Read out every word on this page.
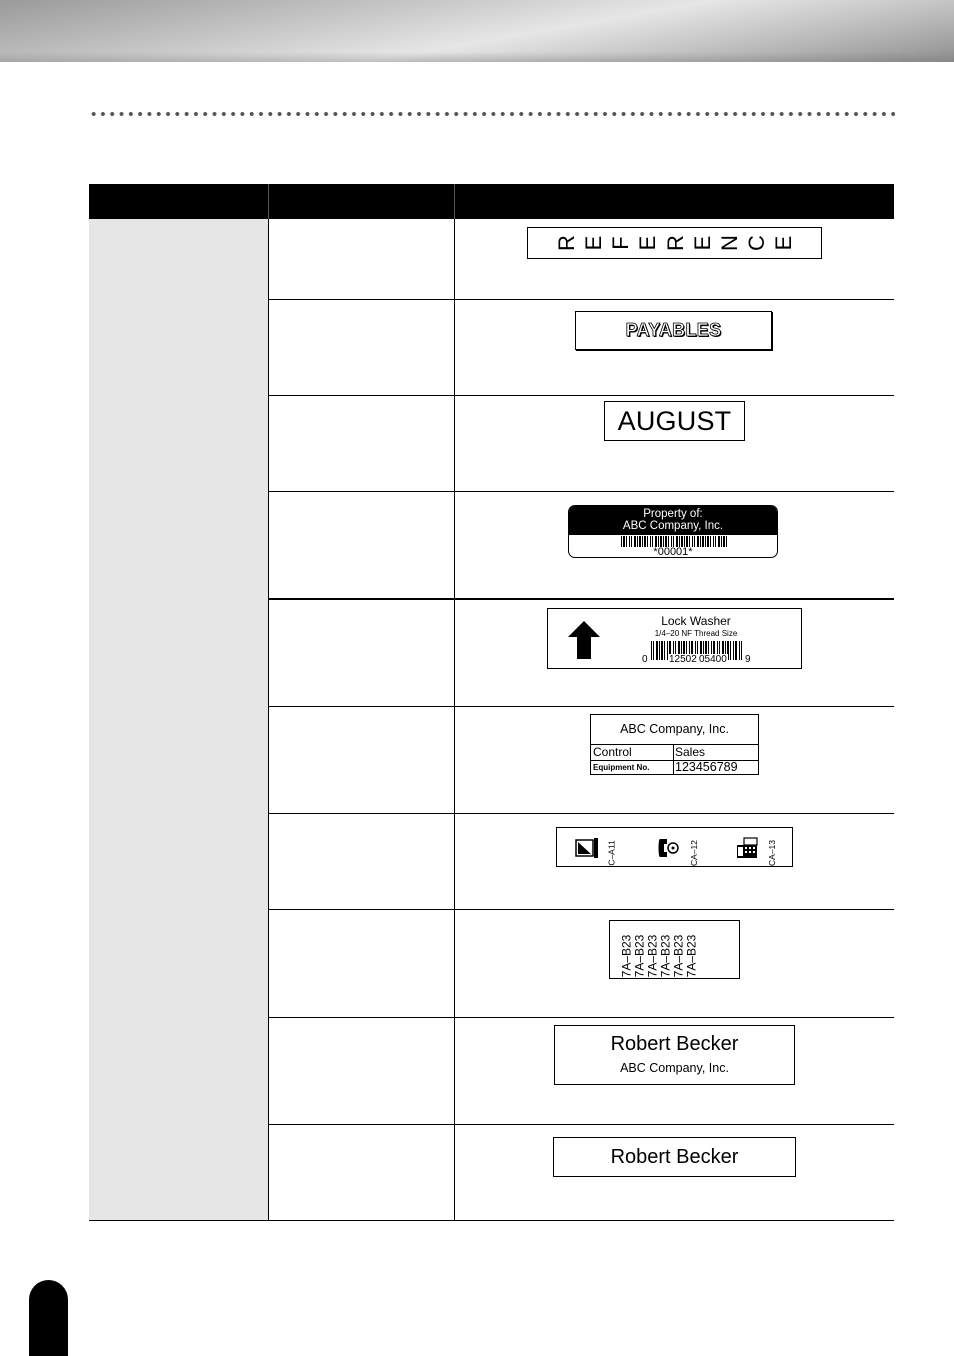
R E F E R E N C E
PAYABLES
AUGUST
Property of:
ABC Company, Inc.
*00001*
Lock Washer
1/4–20 NF Thread Size
0 12502 05400 9
ABC Company, Inc.
Control	Sales
Equipment No.	123456789
C–A11	CA–12	CA–13
7A–B23 7A–B23 7A–B23 7A–B23 7A–B23 7A–B23
Robert Becker
ABC Company, Inc.
Robert Becker
